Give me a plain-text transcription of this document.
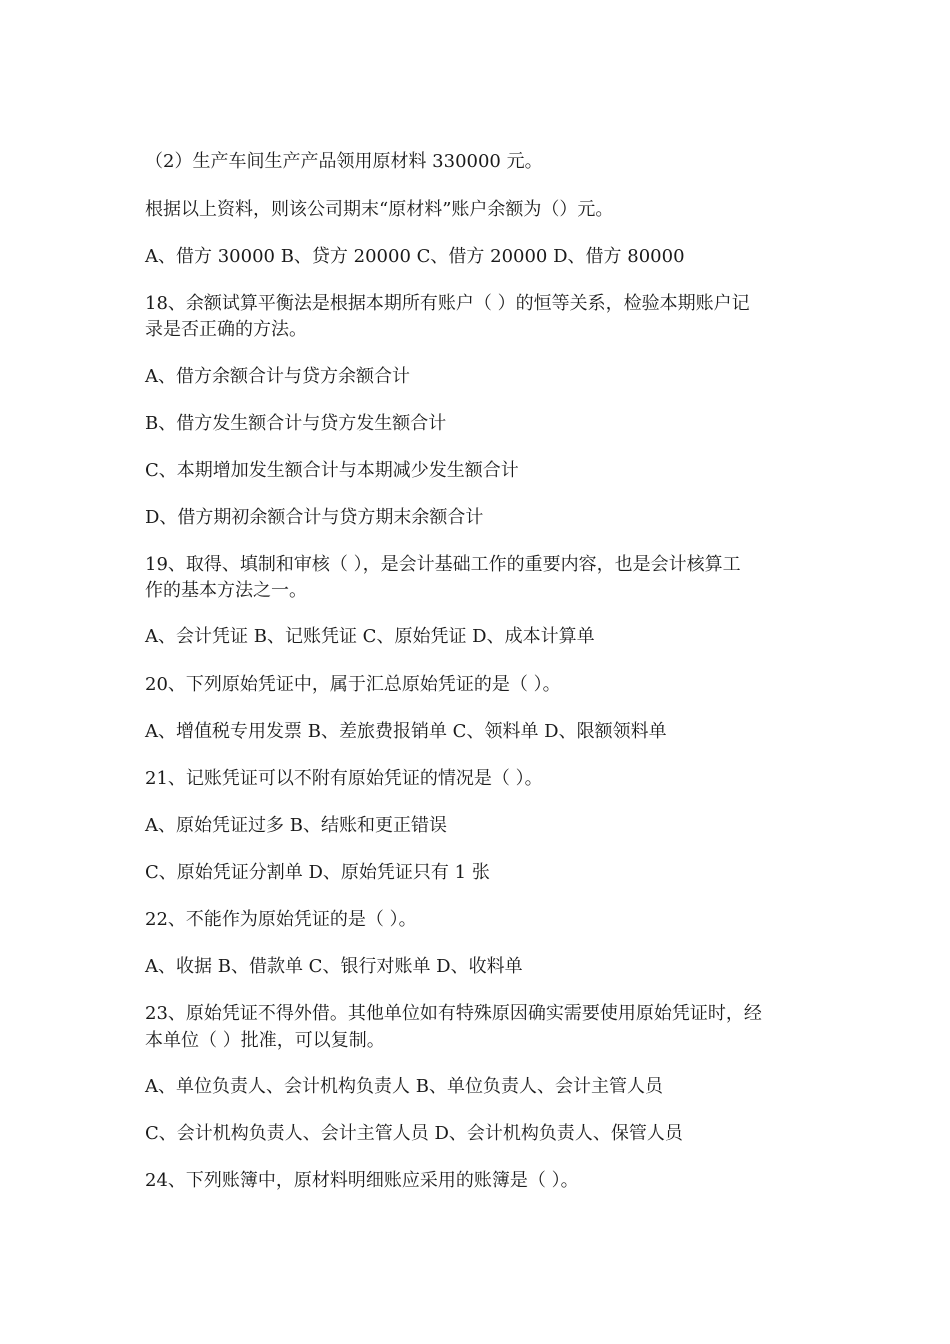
（2）生产车间生产产品领用原材料 330000 元。
根据以上资料，则该公司期末“原材料”账户余额为（）元。
A、借方 30000 B、贷方 20000 C、借方 20000 D、借方 80000
18、余额试算平衡法是根据本期所有账户（ ）的恒等关系，检验本期账户记
录是否正确的方法。
A、借方余额合计与贷方余额合计
B、借方发生额合计与贷方发生额合计
C、本期增加发生额合计与本期减少发生额合计
D、借方期初余额合计与贷方期末余额合计
19、取得、填制和审核（ ），是会计基础工作的重要内容，也是会计核算工
作的基本方法之一。
A、会计凭证 B、记账凭证 C、原始凭证 D、成本计算单
20、下列原始凭证中，属于汇总原始凭证的是（ ）。
A、增值税专用发票 B、差旅费报销单 C、领料单 D、限额领料单
21、记账凭证可以不附有原始凭证的情况是（ ）。
A、原始凭证过多 B、结账和更正错误
C、原始凭证分割单 D、原始凭证只有 1 张
22、不能作为原始凭证的是（ ）。
A、收据 B、借款单 C、银行对账单 D、收料单
23、原始凭证不得外借。其他单位如有特殊原因确实需要使用原始凭证时，经
本单位（ ）批准，可以复制。
A、单位负责人、会计机构负责人 B、单位负责人、会计主管人员
C、会计机构负责人、会计主管人员 D、会计机构负责人、保管人员
24、下列账簿中，原材料明细账应采用的账簿是（ ）。
